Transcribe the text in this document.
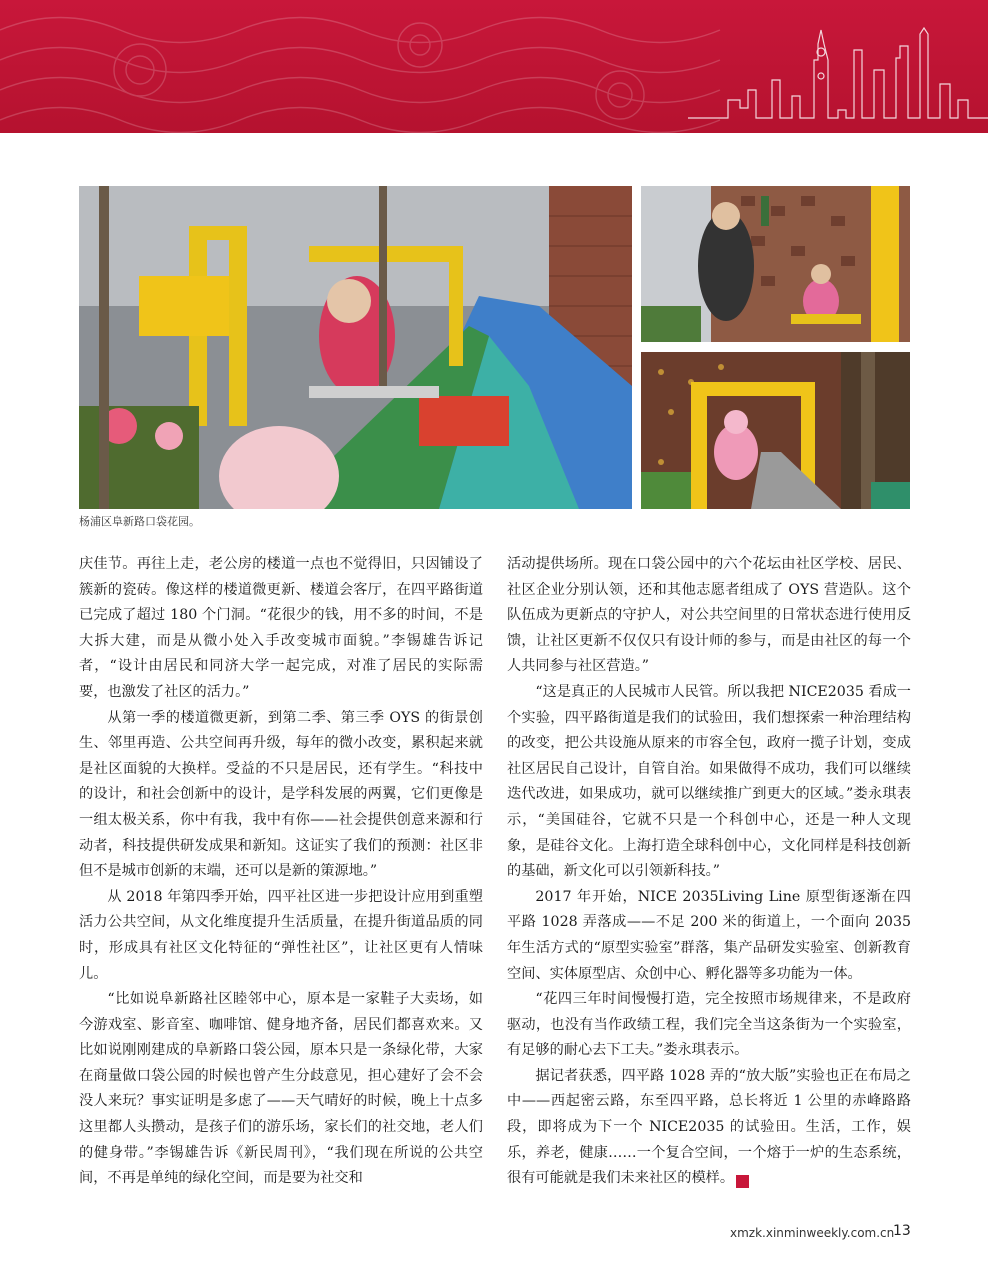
杨浦区阜新路口袋花园。

庆佳节。再往上走，老公房的楼道一点也不觉得旧，只因铺设了簇新的瓷砖。像这样的楼道微更新、楼道会客厅，在四平路街道已完成了超过 180 个门洞。“花很少的钱，用不多的时间，不是大拆大建，而是从微小处入手改变城市面貌。”李锡雄告诉记者，“设计由居民和同济大学一起完成，对准了居民的实际需要，也激发了社区的活力。”

从第一季的楼道微更新，到第二季、第三季 OYS 的街景创生、邻里再造、公共空间再升级，每年的微小改变，累积起来就是社区面貌的大换样。受益的不只是居民，还有学生。“科技中的设计，和社会创新中的设计，是学科发展的两翼，它们更像是一组太极关系，你中有我，我中有你——社会提供创意来源和行动者，科技提供研发成果和新知。这证实了我们的预测：社区非但不是城市创新的末端，还可以是新的策源地。”

从 2018 年第四季开始，四平社区进一步把设计应用到重塑活力公共空间，从文化维度提升生活质量，在提升街道品质的同时，形成具有社区文化特征的“弹性社区”，让社区更有人情味儿。

“比如说阜新路社区睦邻中心，原本是一家鞋子大卖场，如今游戏室、影音室、咖啡馆、健身地齐备，居民们都喜欢来。又比如说刚刚建成的阜新路口袋公园，原本只是一条绿化带，大家在商量做口袋公园的时候也曾产生分歧意见，担心建好了会不会没人来玩？事实证明是多虑了——天气晴好的时候，晚上十点多这里都人头攒动，是孩子们的游乐场，家长们的社交地，老人们的健身带。”李锡雄告诉《新民周刊》，“我们现在所说的公共空间，不再是单纯的绿化空间，而是要为社交和

活动提供场所。现在口袋公园中的六个花坛由社区学校、居民、社区企业分别认领，还和其他志愿者组成了 OYS 营造队。这个队伍成为更新点的守护人，对公共空间里的日常状态进行使用反馈，让社区更新不仅仅只有设计师的参与，而是由社区的每一个人共同参与社区营造。”

“这是真正的人民城市人民管。所以我把 NICE2035 看成一个实验，四平路街道是我们的试验田，我们想探索一种治理结构的改变，把公共设施从原来的市容全包，政府一揽子计划，变成社区居民自己设计，自管自治。如果做得不成功，我们可以继续迭代改进，如果成功，就可以继续推广到更大的区域。”娄永琪表示，“美国硅谷，它就不只是一个科创中心，还是一种人文现象，是硅谷文化。上海打造全球科创中心，文化同样是科技创新的基础，新文化可以引领新科技。”

2017 年开始，NICE 2035Living Line 原型街逐渐在四平路 1028 弄落成——不足 200 米的街道上，一个面向 2035 年生活方式的“原型实验室”群落，集产品研发实验室、创新教育空间、实体原型店、众创中心、孵化器等多功能为一体。

“花四三年时间慢慢打造，完全按照市场规律来，不是政府驱动，也没有当作政绩工程，我们完全当这条街为一个实验室，有足够的耐心去下工夫。”娄永琪表示。

据记者获悉，四平路 1028 弄的“放大版”实验也正在布局之中——西起密云路，东至四平路，总长将近 1 公里的赤峰路路段，即将成为下一个 NICE2035 的试验田。生活，工作，娱乐，养老，健康……一个复合空间，一个熔于一炉的生态系统，很有可能就是我们未来社区的模样。	民

xmzk.xinminweekly.com.cn
13
